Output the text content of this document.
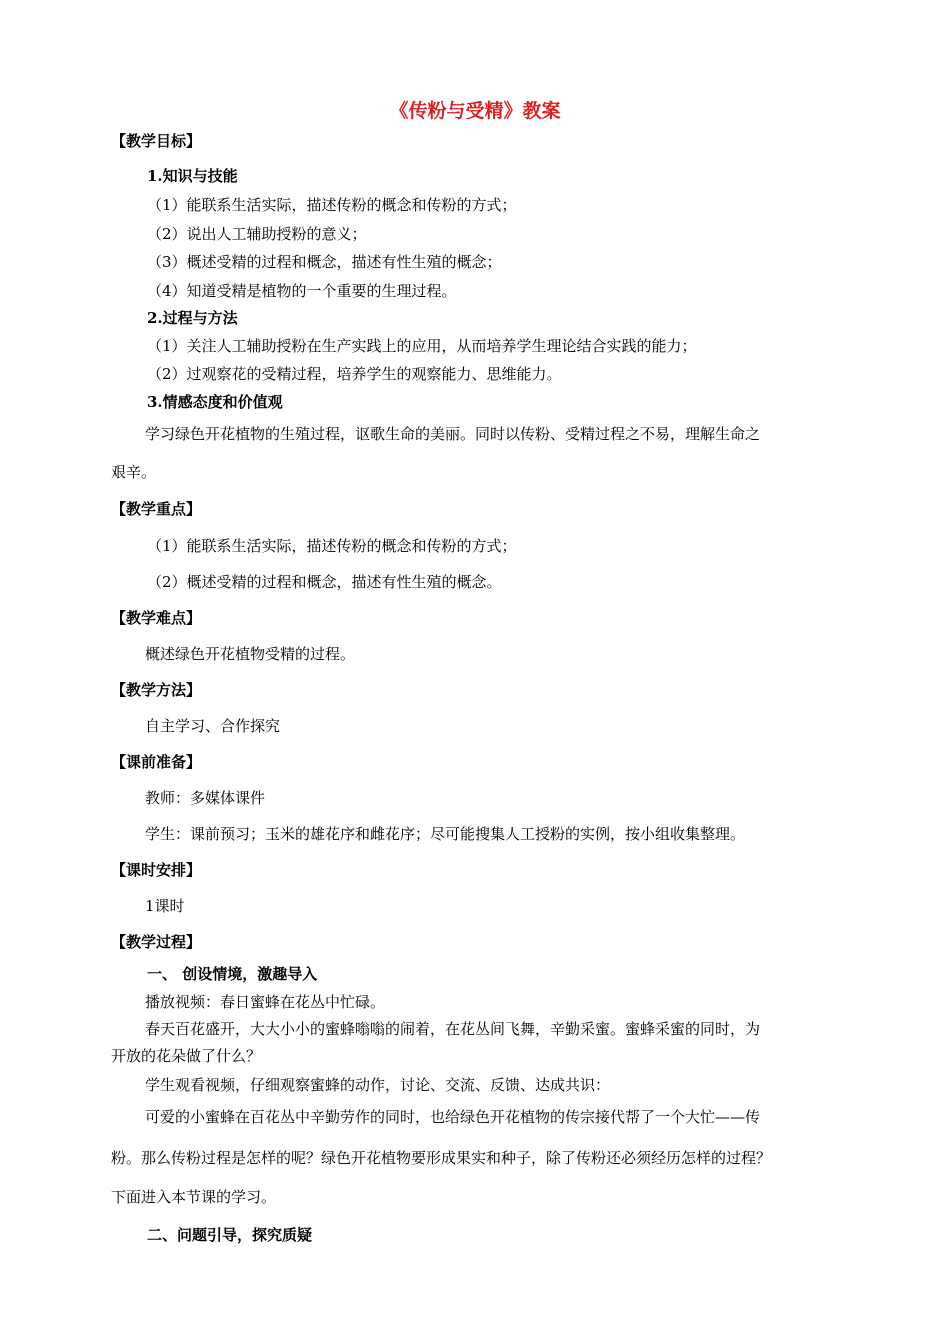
《传粉与受精》教案
【教学目标】
1.知识与技能
（1）能联系生活实际，描述传粉的概念和传粉的方式；
（2）说出人工辅助授粉的意义；
（3）概述受精的过程和概念，描述有性生殖的概念；
（4）知道受精是植物的一个重要的生理过程。
2.过程与方法
（1）关注人工辅助授粉在生产实践上的应用，从而培养学生理论结合实践的能力；
（2）过观察花的受精过程，培养学生的观察能力、思维能力。
3.情感态度和价值观
学习绿色开花植物的生殖过程，讴歌生命的美丽。同时以传粉、受精过程之不易，理解生命之
艰辛。
【教学重点】
（1）能联系生活实际，描述传粉的概念和传粉的方式；
（2）概述受精的过程和概念，描述有性生殖的概念。
【教学难点】
概述绿色开花植物受精的过程。
【教学方法】
自主学习、合作探究
【课前准备】
教师：多媒体课件
学生：课前预习；玉米的雄花序和雌花序；尽可能搜集人工授粉的实例，按小组收集整理。
【课时安排】
1课时
【教学过程】
一、 创设情境，激趣导入
播放视频：春日蜜蜂在花丛中忙碌。
春天百花盛开，大大小小的蜜蜂嗡嗡的闹着，在花丛间飞舞，辛勤采蜜。蜜蜂采蜜的同时，为
开放的花朵做了什么？
学生观看视频，仔细观察蜜蜂的动作，讨论、交流、反馈、达成共识：
可爱的小蜜蜂在百花丛中辛勤劳作的同时，也给绿色开花植物的传宗接代帮了一个大忙——传
粉。那么传粉过程是怎样的呢？绿色开花植物要形成果实和种子，除了传粉还必须经历怎样的过程？
下面进入本节课的学习。
二、问题引导，探究质疑
